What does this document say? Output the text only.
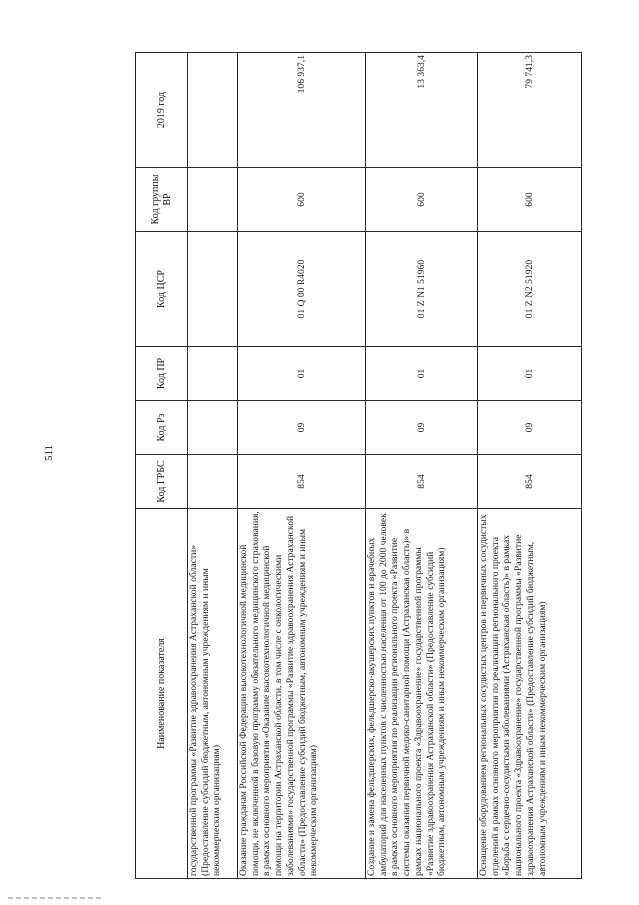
511
Наименование показателя	Код ГРБС	Код Рз	Код ПР	Код ЦСР	Код группы ВР	2019 год
государственной программы «Развитие здравоохранения Астраханской области» (Предоставление субсидий бюджетным, автономным учреждениям и иным некоммерческим организациям)						
Оказание гражданам Российской Федерации высокотехнологичной медицинской помощи, не включенной в базовую программу обязательного медицинского страхования, в рамках основного мероприятия «Оказание высокотехнологичной медицинской помощи на территории Астраханской области, в том числе с онкологическими заболеваниями» государственной программы «Развитие здравоохранения Астраханской области» (Предоставление субсидий бюджетным, автономным учреждениям и иным некоммерческим организациям)	854	09	01	01 Q 00 R4020	600	106 937,1
Создание и замена фельдшерских, фельдшерско-акушерских пунктов и врачебных амбулаторий для населенных пунктов с численностью населения от 100 до 2000 человек в рамках основного мероприятия по реализации регионального проекта «Развитие системы оказания первичной медико-санитарной помощи (Астраханская область)» в рамках национального проекта «Здравоохранение» государственной программы «Развитие здравоохранения Астраханской области» (Предоставление субсидий бюджетным, автономным учреждениям и иным некоммерческим организациям)	854	09	01	01 Z N1 51960	600	13 363,4
Оснащение оборудованием региональных сосудистых центров и первичных сосудистых отделений в рамках основного мероприятия по реализации регионального проекта «Борьба с сердечно-сосудистыми заболеваниями (Астраханская область)» в рамках национального проекта «Здравоохранение» государственной программы «Развитие здравоохранения Астраханской области» (Предоставление субсидий бюджетным, автономным учреждениям и иным некоммерческим организациям)	854	09	01	01 Z N2 51920	600	79 741,3
